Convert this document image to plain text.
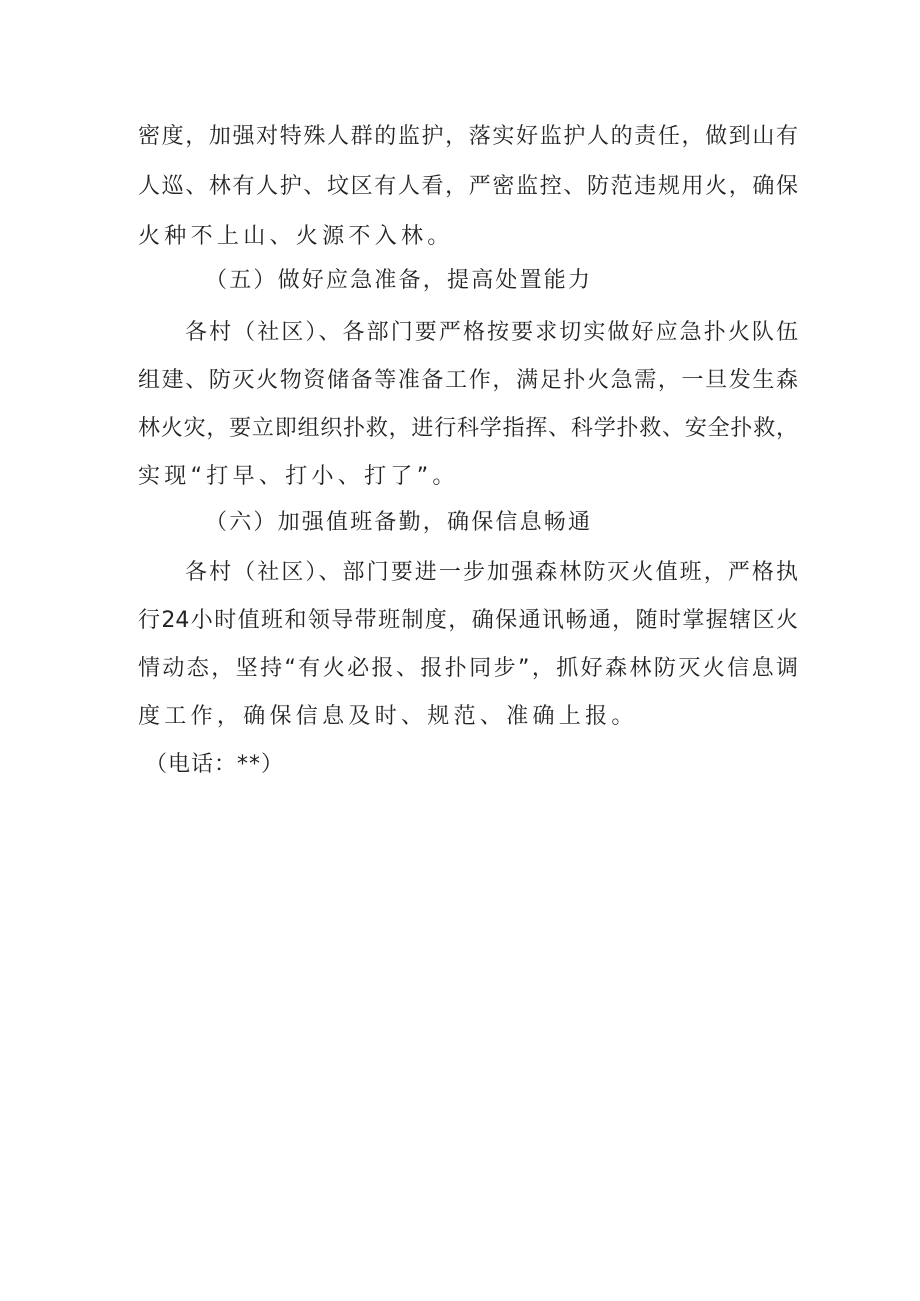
密度，加强对特殊人群的监护，落实好监护人的责任，做到山有
人巡、林有人护、坟区有人看，严密监控、防范违规用火，确保
火种不上山、火源不入林。
（五）做好应急准备，提高处置能力
各村（社区）、各部门要严格按要求切实做好应急扑火队伍
组建、防灭火物资储备等准备工作，满足扑火急需，一旦发生森
林火灾，要立即组织扑救，进行科学指挥、科学扑救、安全扑救，
实现“打早、打小、打了”。
（六）加强值班备勤，确保信息畅通
各村（社区）、部门要进一步加强森林防灭火值班，严格执
行24小时值班和领导带班制度，确保通讯畅通，随时掌握辖区火
情动态，坚持“有火必报、报扑同步”，抓好森林防灭火信息调
度工作，确保信息及时、规范、准确上报。
（电话：**）
